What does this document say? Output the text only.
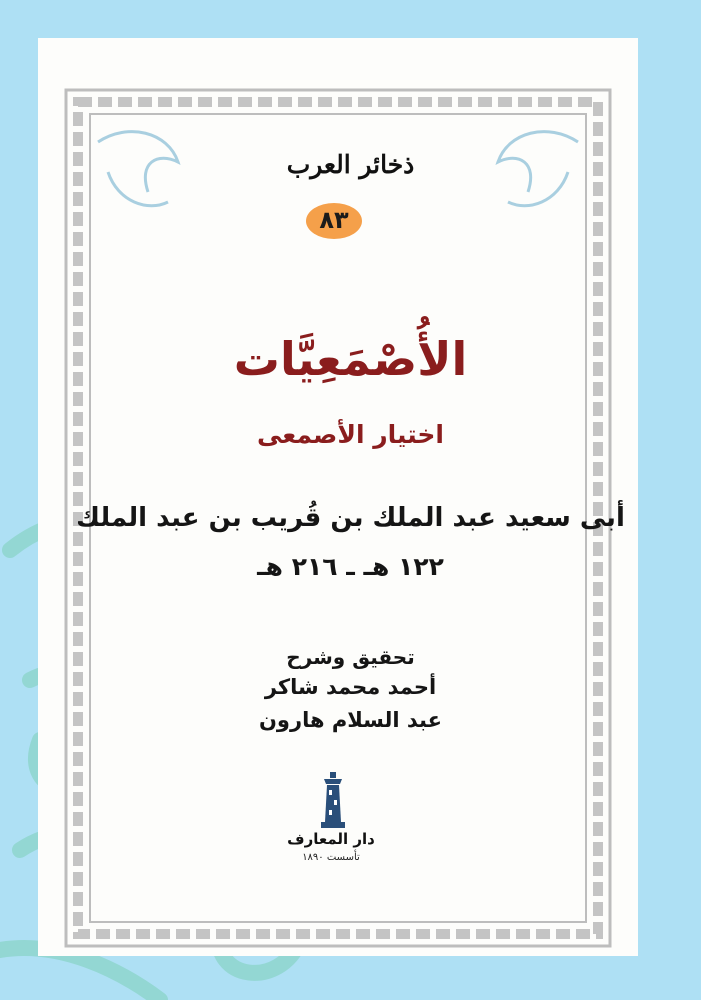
ذخائر العرب
٨٣
الأُصْمَعِيَّات
اختيار الأصمعى
أبى سعيد عبد الملك بن قُريب بن عبد الملك
١٢٢ هـ ـ ٢١٦ هـ
تحقيق وشرح
أحمد محمد شاكر
عبد السلام هارون
دار المعارف
تأسست ١٨٩٠
